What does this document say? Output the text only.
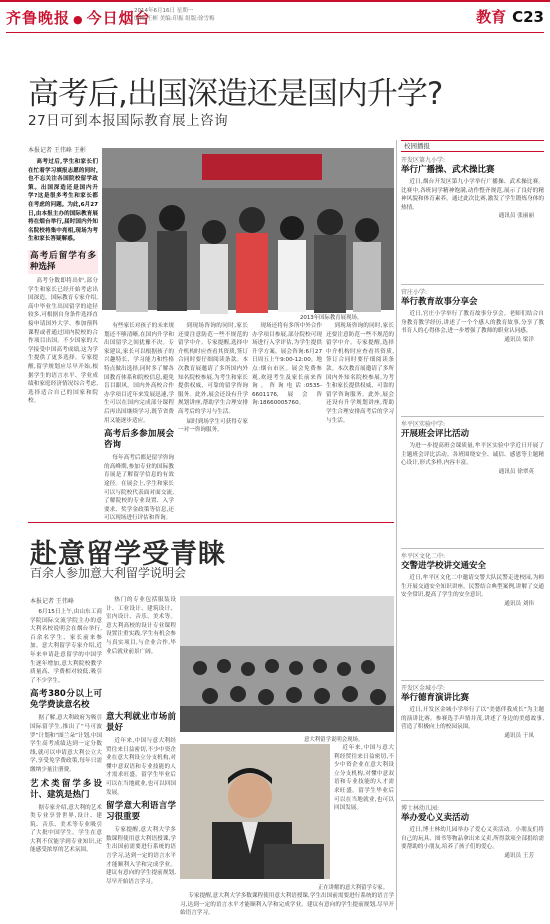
齐鲁晚报 ● 今日烟台
2014年6月16日 星期一
编辑:王彬 美编:印振 组版:徐雪梅	教育 C23
高考后,出国深造还是国内升学?
27日可到本报国际教育展上咨询
本报记者 王伟峰 王彬

高考过后,学生和家长们在忙着学习填报志愿的同时,也不忘关注各国院校留学政策。出国深造还是国内升学?这是很多考生和家长都在考虑的问题。为此,6月27日,由本报主办的国际教育展将在烟台举行,届时国内外知名院校将集中亮相,现场为考生和家长答疑解惑。

2013年国际教育展现场。
高考后留学有多种选择

高考分数即将出炉,部分学生和家长已经开始考虑出国深造。国际教育专家介绍,高中毕业生出国留学的途径较多,可根据自身条件选择直接申请国外大学、参加预科课程或者通过国内院校的合作项目出国。不少国家的大学接受中国高考成绩,这为学生提供了更多选择。专家提醒,留学规划应尽早开始,根据学生的语言水平、学业成绩和家庭经济情况综合考虑,选择适合自己的国家和院校。

有些家长对孩子的未来规划还不够清晰,在国内升学和出国留学之间犹豫不决。专家建议,家长可以根据孩子的兴趣特长、学习能力和性格特点做出选择,同时多了解各国教育体系和院校信息,避免盲目跟风。国内外高校合作办学项目近年来发展迅速,学生可以在国内完成部分课程后再出国继续学习,既节省费用又能逐步适应。

高考后多参加展会咨询

每年高考后都是留学咨询的高峰期,参加专业的国际教育展是了解留学信息的有效途径。在展会上,学生和家长可以与院校代表面对面交流,了解院校的专业设置、入学要求、奖学金政策等信息,还可以现场进行评估和咨询。

到现场咨询的同时,家长还要注意防范一些不规范的留学中介。专家提醒,选择中介机构时应查看其资质,签订合同时要仔细阅读条款。本次教育展邀请了多所国内外知名院校参展,为考生和家长提供权威、可靠的留学咨询服务。此外,展会还设有升学规划讲座,帮助学生合理安排高考后的学习与生活。

届时到场学生可获得专家一对一咨询服务。

现场还将有多所中外合作办学项目参展,部分院校可现场进行入学评估,为学生提供升学方案。展会咨询:6月27日周五上午9:00-12:00。地点:烟台市区。展会免费参观,欢迎考生及家长前来咨询。咨询电话:0535-6601176,展会咨询:18660005760。

到现场咨询的同时,家长还要注意防范一些不规范的留学中介。专家提醒,选择中介机构时应查看其资质,签订合同时要仔细阅读条款。本次教育展邀请了多所国内外知名院校参展,为考生和家长提供权威、可靠的留学咨询服务。此外,展会还设有升学规划讲座,帮助学生合理安排高考后的学习与生活。

赴意留学受青睐
百余人参加意大利留学说明会
本报记者 王伟峰

6月15日上午,由山东工商学院国际交流学院主办的意大利名校说明会在烟台举行,百余名学生、家长前来参加。意大利留学专家介绍,近年来申请赴意留学的中国学生逐年增加,意大利院校教学质量高、学费相对较低,吸引了不少学生。

高考380分以上可免学费读意名校

据了解,意大利政府为吸引国际留学生,推出了“马可波罗”计划和“图兰朵”计划,中国学生高考成绩达到一定分数线,就可以申请意大利公立大学,享受免学费政策,每年只需缴纳少量注册费。

艺术类留学多设计、建筑是热门

据专家介绍,意大利的艺术类专业享誉世界,设计、建筑、音乐、美术等专业吸引了大批中国学生。学生在意大利不仅能学到专业知识,还能感受浓厚的艺术氛围。

热门的专业包括服装设计、工业设计、建筑设计、室内设计、音乐、美术等。意大利高校的设计专业课程设置注重实践,学生有机会参与真实项目,与企业合作,毕业后就业前景广阔。

意大利留学说明会现场。
意大利就业市场前景好

近年来,中国与意大利经贸往来日益密切,不少中资企业在意大利设立分支机构,对懂中意双语和专业技能的人才需求旺盛。留学生毕业后可以在当地就业,也可以回国发展。

留学意大利语言学习很重要

专家提醒,意大利大学多数课程使用意大利语授课,学生出国前需要进行系统的语言学习,达到一定的语言水平才能顺利入学和完成学业。建议有意向的学生提前规划,尽早开始语言学习。

正在讲解的意大利留学专家。

专家提醒,意大利大学多数课程使用意大利语授课,学生出国前需要进行系统的语言学习,达到一定的语言水平才能顺利入学和完成学业。建议有意向的学生提前规划,尽早开始语言学习。

近年来,中国与意大利经贸往来日益密切,不少中资企业在意大利设立分支机构,对懂中意双语和专业技能的人才需求旺盛。留学生毕业后可以在当地就业,也可以回国发展。

校园播报
开发区第九小学:
举行广播操、武术操比赛
近日,烟台开发区第九小学举行广播操、武术操比赛。比赛中,各班同学精神饱满,动作整齐规范,展示了良好的精神风貌和体育素养。通过此次比赛,激发了学生锻炼身体的热情。
通讯员 张丽丽
官庄小学:
举行教育故事分享会
近日,官庄小学举行了教育故事分享会。老师们结合自身教育教学经历,讲述了一个个感人的教育故事,分享了教书育人的心得体会,进一步增强了教师的职业认同感。
通讯员 梁洋
牟平区实验中学:
开展班会评比活动
为进一步提高班会课质量,牟平区实验中学近日开展了主题班会评比活动。各班围绕安全、诚信、感恩等主题精心设计,形式多样,内容丰富。
通讯员 徐翠英
牟平区文化二中:
交警进学校讲交通安全
近日,牟平区文化二中邀请交警大队民警走进校园,为师生开展交通安全知识讲座。民警结合典型案例,讲解了交通安全常识,提高了学生的安全意识。
通讯员 刘伟
开发区金城小学:
举行德育演讲比赛
近日,开发区金城小学举行了以“美德伴我成长”为主题的演讲比赛。参赛选手声情并茂,讲述了身边的美德故事,营造了积极向上的校园氛围。
通讯员 于凤
博士林幼儿园:
举办爱心义卖活动
近日,博士林幼儿园举办了爱心义卖活动。小朋友们将自己的玩具、图书等物品拿出来义卖,所得款项全部捐给需要帮助的小朋友,培养了孩子们的爱心。
通讯员 王芳
